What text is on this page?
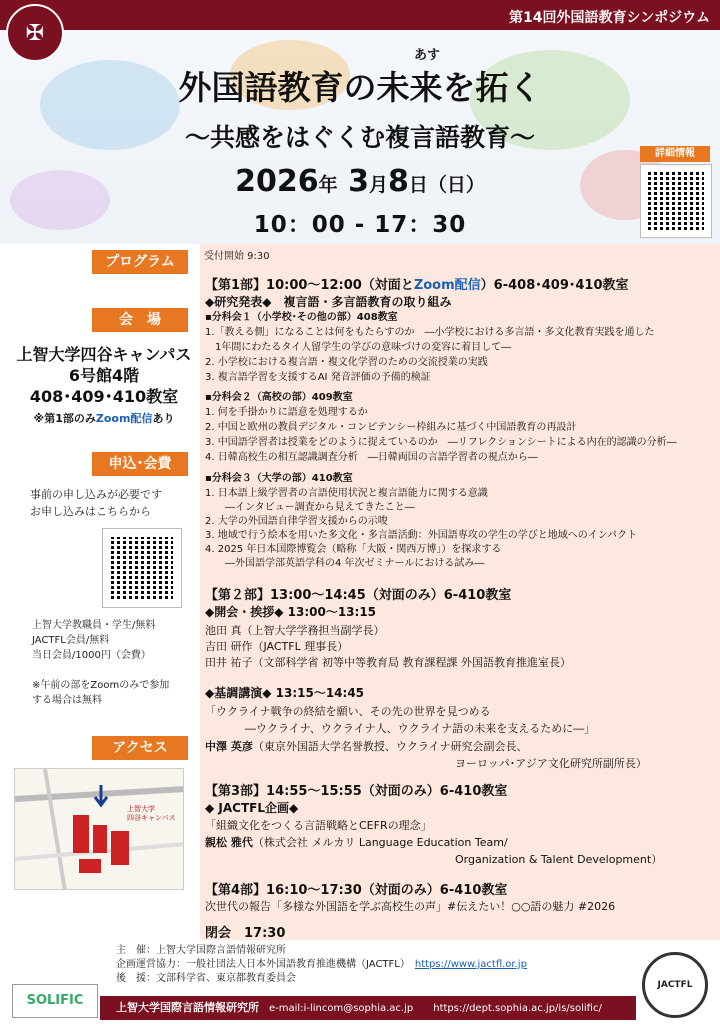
✠
第14回外国語教育シンポジウム
あす
外国語教育の未来を拓く
～共感をはぐくむ複言語教育～
2026年 3月8日（日）
10：00 - 17：30
詳細情報
プログラム
会　場
上智大学四谷キャンパス
6号館4階
408･409･410教室
※第1部のみZoom配信あり
申込･会費
事前の申し込みが必要です
お申し込みはこちらから
上智大学教職員・学生/無料
JACTFL会員/無料
当日会員/1000円（会費）
※午前の部をZoomのみで参加
する場合は無料
アクセス
上智大学
四谷キャンパス
受付開始 9:30
【第1部】10:00～12:00（対面とZoom配信）6-408･409･410教室
◆研究発表◆　複言語・多言語教育の取り組み
▪分科会１（小学校･その他の部）408教室
1.「教える側」になることは何をもたらすのか　―小学校における多言語・多文化教育実践を通した
　1年間にわたるタイ人留学生の学びの意味づけの変容に着目して―
2. 小学校における複言語・複文化学習のための交流授業の実践
3. 複言語学習を支援するAI 発音評価の予備的検証
▪分科会２（高校の部）409教室
1. 何を手掛かりに語意を処理するか
2. 中国と欧州の教員デジタル・コンピテンシー枠組みに基づく中国語教育の再設計
3. 中国語学習者は授業をどのように捉えているのか　―リフレクションシートによる内在的認識の分析―
4. 日韓高校生の相互認識調査分析　―日韓両国の言語学習者の視点から―
▪分科会３（大学の部）410教室
1. 日本語上級学習者の言語使用状況と複言語能力に関する意識
　　―インタビュー調査から見えてきたこと―
2. 大学の外国語自律学習支援からの示唆
3. 地域で行う絵本を用いた多文化・多言語活動：外国語専攻の学生の学びと地域へのインパクト
4. 2025 年日本国際博覧会（略称「大阪・関西万博」）を探求する
　　―外国語学部英語学科の4 年次ゼミナールにおける試み―
【第２部】13:00～14:45（対面のみ）6-410教室
◆開会・挨拶◆ 13:00～13:15
池田 真（上智大学学務担当副学長）
吉田 研作（JACTFL 理事長）
田井 祐子（文部科学省 初等中等教育局 教育課程課 外国語教育推進室長）
◆基調講演◆ 13:15～14:45
「ウクライナ戦争の終結を願い、その先の世界を見つめる
―ウクライナ、ウクライナ人、ウクライナ語の未来を支えるために―」
中澤 英彦（東京外国語大学名誉教授、ウクライナ研究会副会長、
ヨーロッパ･アジア文化研究所副所長）
【第3部】14:55～15:55（対面のみ）6-410教室
◆ JACTFL企画◆
「組織文化をつくる言語戦略とCEFRの理念」
親松 雅代（株式会社 メルカリ Language Education Team/
Organization & Talent Development）
【第4部】16:10～17:30（対面のみ）6-410教室
次世代の報告「多様な外国語を学ぶ高校生の声」#伝えたい！○○語の魅力 #2026
閉会　17:30
主　催：上智大学国際言語情報研究所
企画運営協力：一般社団法人日本外国語教育推進機構（JACTFL）　 https://www.jactfl.or.jp
後　援：文部科学省、東京都教育委員会
SOLIFIC
JACTFL
上智大学国際言語情報研究所　 e-mail:i-lincom@sophia.ac.jp　　 https://dept.sophia.ac.jp/is/solific/
